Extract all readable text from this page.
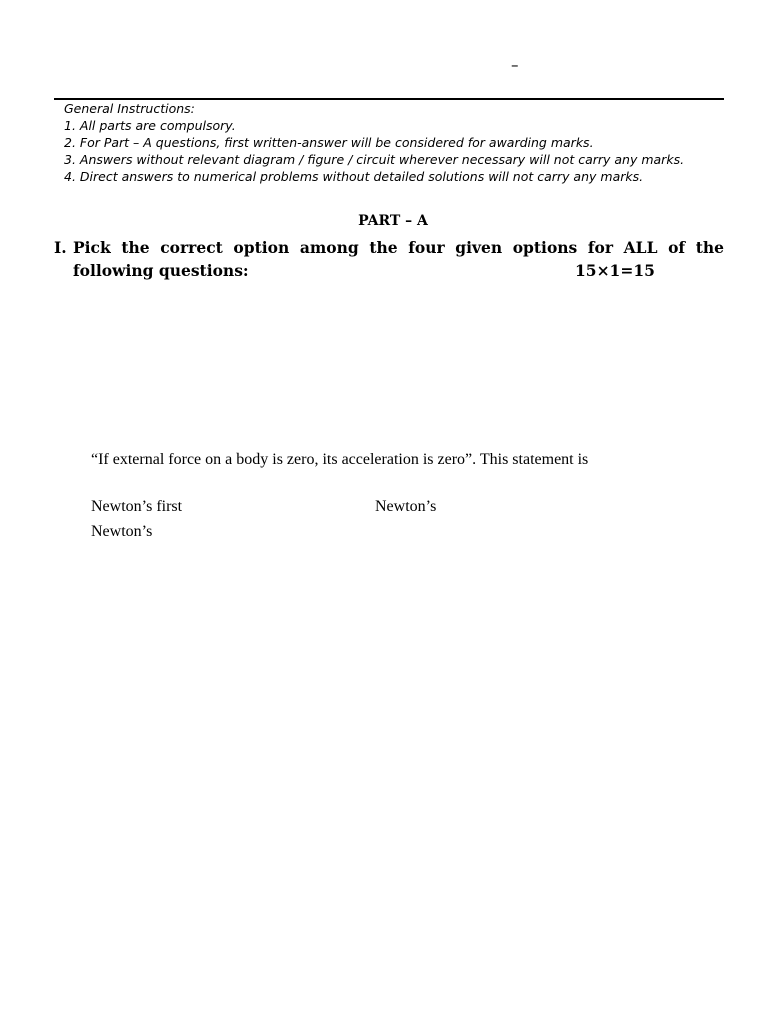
–
General Instructions:
1. All parts are compulsory.
2. For Part – A questions, first written-answer will be considered for awarding marks.
3. Answers without relevant diagram / figure / circuit wherever necessary will not carry any marks.
4. Direct answers to numerical problems without detailed solutions will not carry any marks.
PART – A
I. Pick the correct option among the four given options for ALL of the following questions:	15×1=15
“If external force on a body is zero, its acceleration is zero”. This statement is
Newton’s first	Newton’s
Newton’s
